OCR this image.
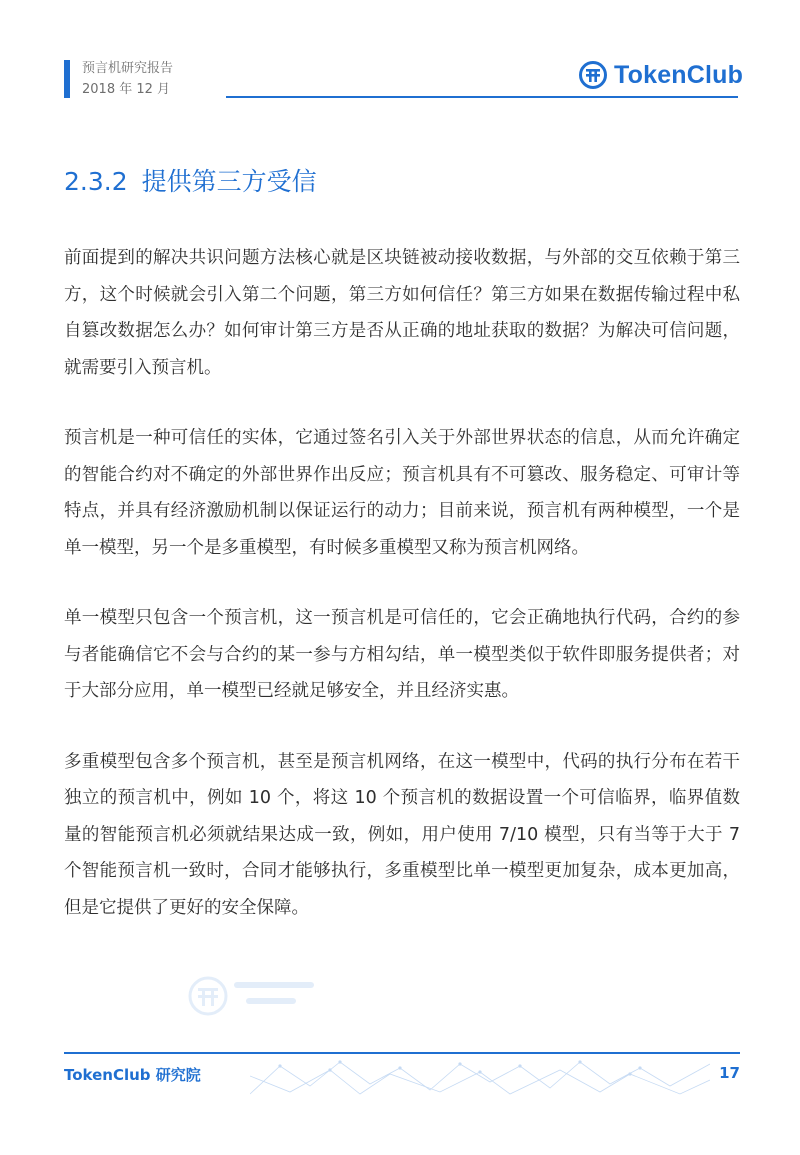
预言机研究报告
2018 年 12 月
TokenClub
2.3.2 提供第三方受信

前面提到的解决共识问题方法核心就是区块链被动接收数据，与外部的交互依赖于第三方，这个时候就会引入第二个问题，第三方如何信任？第三方如果在数据传输过程中私自篡改数据怎么办？如何审计第三方是否从正确的地址获取的数据？为解决可信问题，就需要引入预言机。

预言机是一种可信任的实体，它通过签名引入关于外部世界状态的信息，从而允许确定的智能合约对不确定的外部世界作出反应；预言机具有不可篡改、服务稳定、可审计等特点，并具有经济激励机制以保证运行的动力；目前来说，预言机有两种模型，一个是单一模型，另一个是多重模型，有时候多重模型又称为预言机网络。

单一模型只包含一个预言机，这一预言机是可信任的，它会正确地执行代码，合约的参与者能确信它不会与合约的某一参与方相勾结，单一模型类似于软件即服务提供者；对于大部分应用，单一模型已经就足够安全，并且经济实惠。

多重模型包含多个预言机，甚至是预言机网络，在这一模型中，代码的执行分布在若干独立的预言机中，例如 10 个，将这 10 个预言机的数据设置一个可信临界，临界值数量的智能预言机必须就结果达成一致，例如，用户使用 7/10 模型，只有当等于大于 7 个智能预言机一致时，合同才能够执行，多重模型比单一模型更加复杂，成本更加高，但是它提供了更好的安全保障。

TokenClub 研究院	17
